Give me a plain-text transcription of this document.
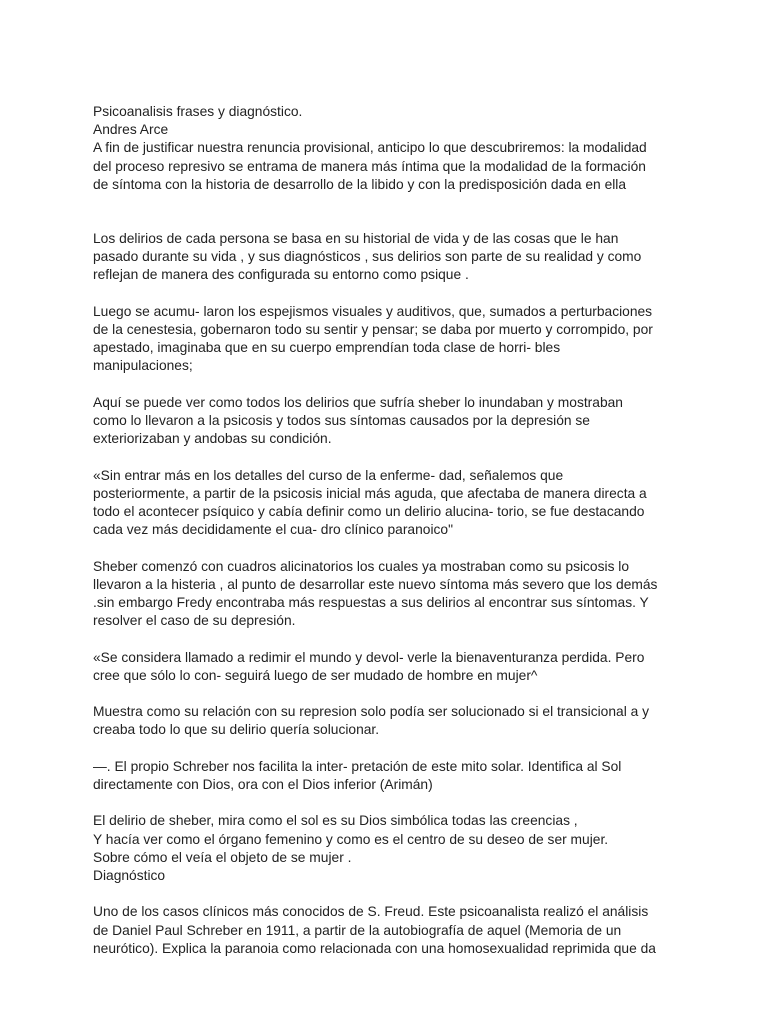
Psicoanalisis frases y diagnóstico.
Andres Arce
A fin de justificar nuestra renuncia provisional, anticipo lo que descubriremos: la modalidad
del proceso represivo se entrama de manera más íntima que la modalidad de la formación
de síntoma con la historia de desarrollo de la libido y con la predisposición dada en ella
Los delirios de cada persona se basa en su historial de vida y de las cosas que le han
pasado durante su vida , y sus diagnósticos , sus delirios son parte de su realidad y como
reflejan de manera des configurada su entorno como psique .
Luego se acumu- laron los espejismos visuales y auditivos, que, sumados a perturbaciones
de la cenestesia, gobernaron todo su sentir y pensar; se daba por muerto y corrompido, por
apestado, imaginaba que en su cuerpo emprendían toda clase de horri- bles
manipulaciones;
Aquí se puede ver como todos los delirios que sufría sheber lo inundaban y mostraban
como lo llevaron a la psicosis y todos sus síntomas causados por la depresión se
exteriorizaban y andobas su condición.
«Sin entrar más en los detalles del curso de la enferme- dad, señalemos que
posteriormente, a partir de la psicosis inicial más aguda, que afectaba de manera directa a
todo el acontecer psíquico y cabía definir como un delirio alucina- torio, se fue destacando
cada vez más decididamente el cua- dro clínico paranoico"
Sheber comenzó con cuadros alicinatorios los cuales ya mostraban como su psicosis lo
llevaron a la histeria , al punto de desarrollar este nuevo síntoma más severo que los demás
.sin embargo Fredy encontraba más respuestas a sus delirios al encontrar sus síntomas. Y
resolver el caso de su depresión.
«Se considera llamado a redimir el mundo y devol- verle la bienaventuranza perdida. Pero
cree que sólo lo con- seguirá luego de ser mudado de hombre en mujer^
Muestra como su relación con su represion solo podía ser solucionado si el transicional a y
creaba todo lo que su delirio quería solucionar.
—. El propio Schreber nos facilita la inter- pretación de este mito solar. Identifica al Sol
directamente con Dios, ora con el Dios inferior (Arimán)
El delirio de sheber, mira como el sol es su Dios simbólica todas las creencias ,
Y hacía ver como el órgano femenino y como es el centro de su deseo de ser mujer.
Sobre cómo el veía el objeto de se mujer .
Diagnóstico
Uno de los casos clínicos más conocidos de S. Freud. Este psicoanalista realizó el análisis
de Daniel Paul Schreber en 1911, a partir de la autobiografía de aquel (Memoria de un
neurótico). Explica la paranoia como relacionada con una homosexualidad reprimida que da
